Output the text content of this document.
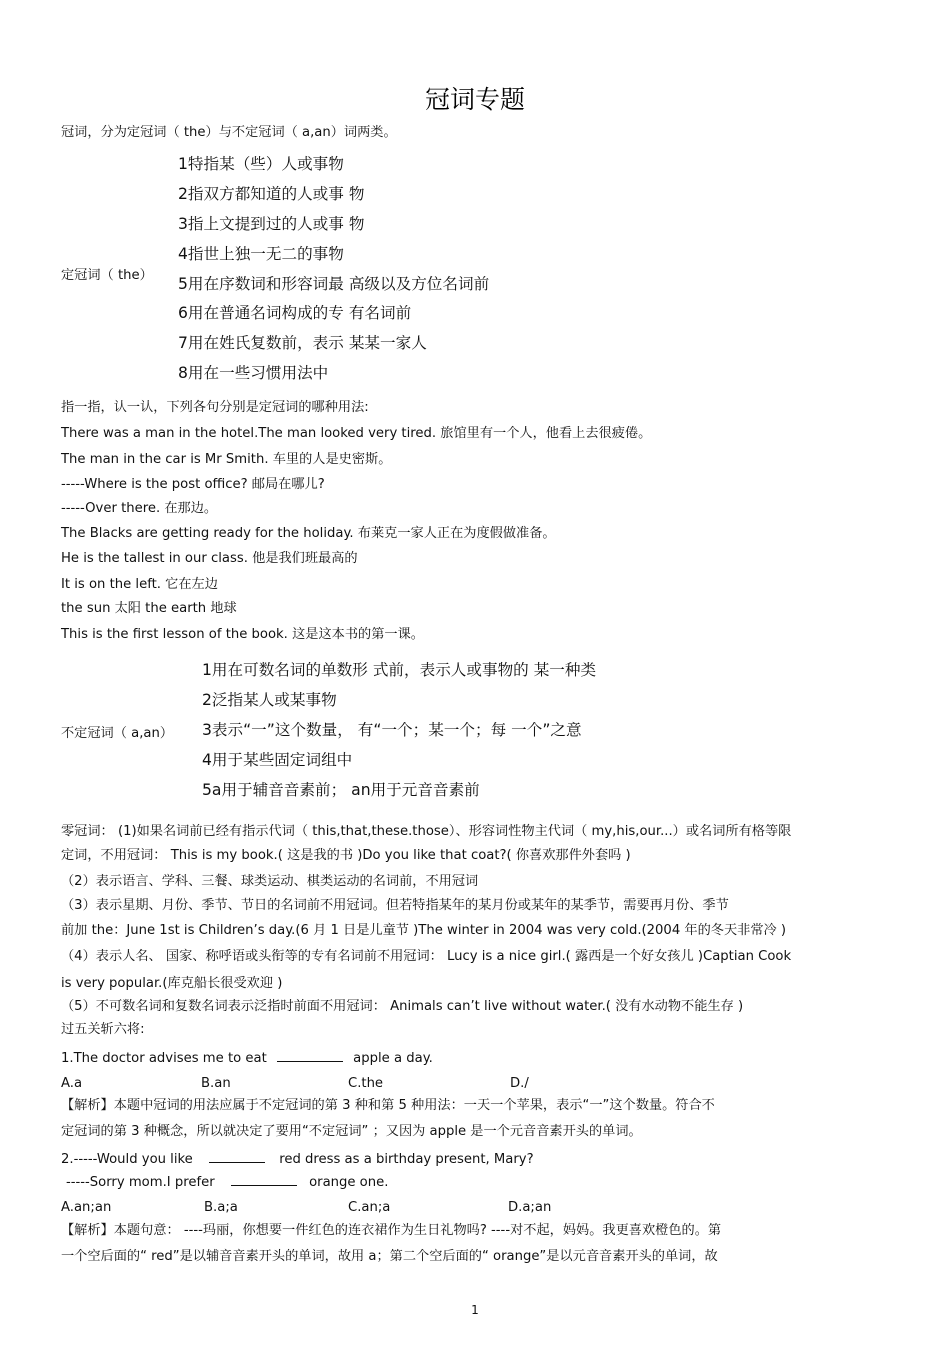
冠词专题
冠词，分为定冠词（ the）与不定冠词（ a,an）词两类。
定冠词（ the）
1特指某（些）人或事物
2指双方都知道的人或事 物
3指上文提到过的人或事 物
4指世上独一无二的事物
5用在序数词和形容词最 高级以及方位名词前
6用在普通名词构成的专 有名词前
7用在姓氏复数前，表示 某某一家人
8用在一些习惯用法中
指一指，认一认，下列各句分别是定冠词的哪种用法:
There was a man in the hotel.The man looked very tired. 旅馆里有一个人，他看上去很疲倦。
The man in the car is Mr Smith. 车里的人是史密斯。
-----Where is the post office? 邮局在哪儿?
-----Over there. 在那边。
The Blacks are getting ready for the holiday. 布莱克一家人正在为度假做准备。
He is the tallest in our class. 他是我们班最高的
It is on the left. 它在左边
the sun 太阳 the earth 地球
This is the first lesson of the book. 这是这本书的第一课。
不定冠词（ a,an）
1用在可数名词的单数形 式前，表示人或事物的 某一种类
2泛指某人或某事物
3表示“一”这个数量， 有“一个；某一个；每 一个”之意
4用于某些固定词组中
5a用于辅音音素前； an用于元音音素前
零冠词： (1)如果名词前已经有指示代词（ this,that,these.those）、形容词性物主代词（ my,his,our...）或名词所有格等限
定词，不用冠词： This is my book.( 这是我的书 )Do you like that coat?( 你喜欢那件外套吗 )
（2）表示语言、学科、三餐、球类运动、棋类运动的名词前，不用冠词
（3）表示星期、月份、季节、节日的名词前不用冠词。但若特指某年的某月份或某年的某季节，需要再月份、季节
前加 the：June 1st is Children’s day.(6 月 1 日是儿童节 )The winter in 2004 was very cold.(2004 年的冬天非常冷 )
（4）表示人名、 国家、称呼语或头衔等的专有名词前不用冠词： Lucy is a nice girl.( 露西是一个好女孩儿 )Captian Cook
is very popular.(库克船长很受欢迎 )
（5）不可数名词和复数名词表示泛指时前面不用冠词： Animals can’t live without water.( 没有水动物不能生存 )
过五关斩六将:
1.The doctor advises me to eat	apple a day.
A.a	B.an	C.the	D./
【解析】本题中冠词的用法应属于不定冠词的第 3 种和第 5 种用法：一天一个苹果，表示“一”这个数量。符合不
定冠词的第 3 种概念，所以就决定了要用“不定冠词” ；又因为 apple 是一个元音音素开头的单词。
2.-----Would you like	red dress as a birthday present, Mary?
-----Sorry mom.I prefer	orange one.
A.an;an	B.a;a	C.an;a	D.a;an
【解析】本题句意： ----玛丽，你想要一件红色的连衣裙作为生日礼物吗? ----对不起，妈妈。我更喜欢橙色的。第
一个空后面的“ red”是以辅音音素开头的单词，故用 a；第二个空后面的“ orange”是以元音音素开头的单词，故
1
